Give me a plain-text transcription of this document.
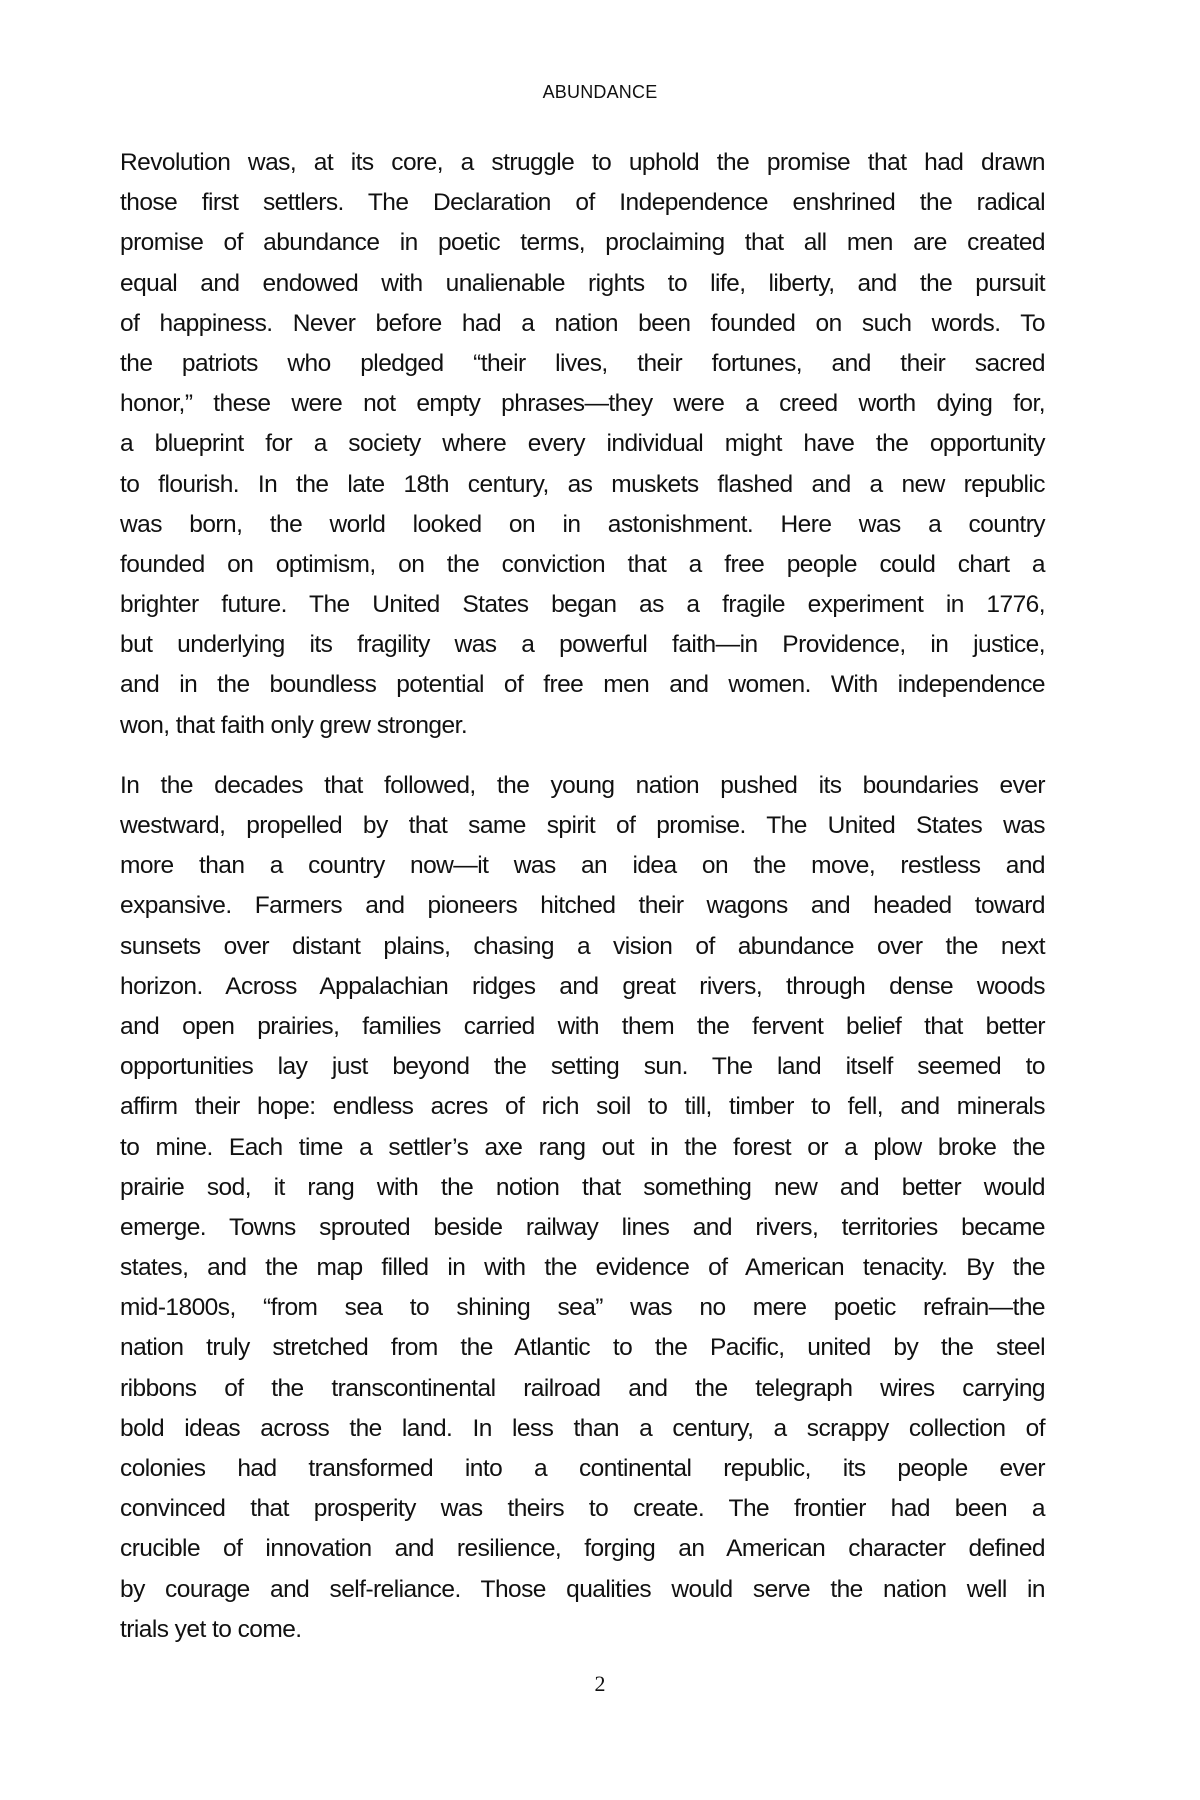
ABUNDANCE

Revolution was, at its core, a struggle to uphold the promise that had drawn
those first settlers. The Declaration of Independence enshrined the radical
promise of abundance in poetic terms, proclaiming that all men are created
equal and endowed with unalienable rights to life, liberty, and the pursuit
of happiness. Never before had a nation been founded on such words. To
the patriots who pledged “their lives, their fortunes, and their sacred
honor,” these were not empty phrases—they were a creed worth dying for,
a blueprint for a society where every individual might have the opportunity
to flourish. In the late 18th century, as muskets flashed and a new republic
was born, the world looked on in astonishment. Here was a country
founded on optimism, on the conviction that a free people could chart a
brighter future. The United States began as a fragile experiment in 1776,
but underlying its fragility was a powerful faith—in Providence, in justice,
and in the boundless potential of free men and women. With independence
won, that faith only grew stronger.

In the decades that followed, the young nation pushed its boundaries ever
westward, propelled by that same spirit of promise. The United States was
more than a country now—it was an idea on the move, restless and
expansive. Farmers and pioneers hitched their wagons and headed toward
sunsets over distant plains, chasing a vision of abundance over the next
horizon. Across Appalachian ridges and great rivers, through dense woods
and open prairies, families carried with them the fervent belief that better
opportunities lay just beyond the setting sun. The land itself seemed to
affirm their hope: endless acres of rich soil to till, timber to fell, and minerals
to mine. Each time a settler’s axe rang out in the forest or a plow broke the
prairie sod, it rang with the notion that something new and better would
emerge. Towns sprouted beside railway lines and rivers, territories became
states, and the map filled in with the evidence of American tenacity. By the
mid-1800s, “from sea to shining sea” was no mere poetic refrain—the
nation truly stretched from the Atlantic to the Pacific, united by the steel
ribbons of the transcontinental railroad and the telegraph wires carrying
bold ideas across the land. In less than a century, a scrappy collection of
colonies had transformed into a continental republic, its people ever
convinced that prosperity was theirs to create. The frontier had been a
crucible of innovation and resilience, forging an American character defined
by courage and self-reliance. Those qualities would serve the nation well in
trials yet to come.

2
